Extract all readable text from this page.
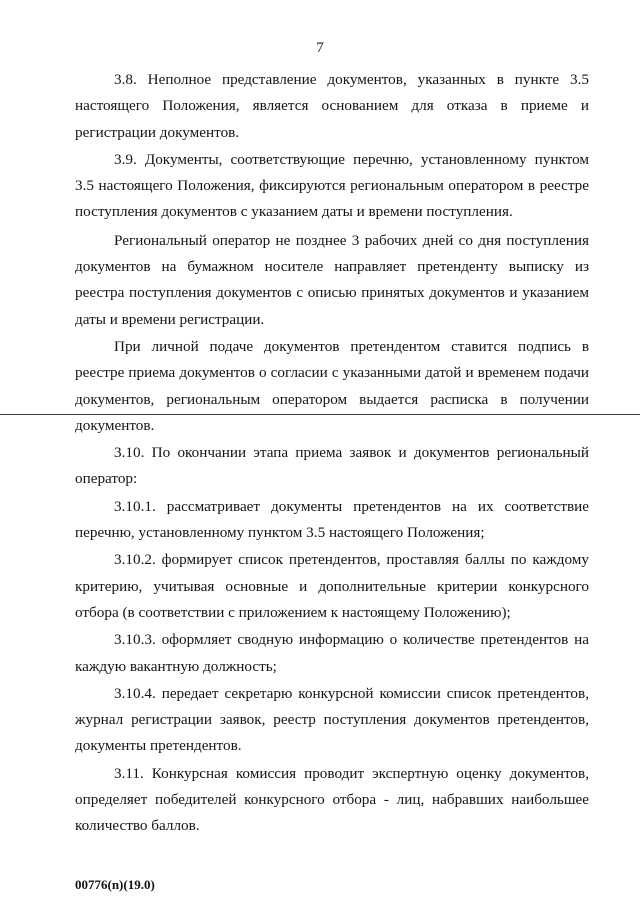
7

3.8. Неполное представление документов, указанных в пункте 3.5 настоящего Положения, является основанием для отказа в приеме и регистрации документов.

3.9. Документы, соответствующие перечню, установленному пунктом 3.5 настоящего Положения, фиксируются региональным оператором в реестре поступления документов с указанием даты и времени поступления.

Региональный оператор не позднее 3 рабочих дней со дня поступления документов на бумажном носителе направляет претенденту выписку из реестра поступления документов с описью принятых документов и указанием даты и времени регистрации.

При личной подаче документов претендентом ставится подпись в реестре приема документов о согласии с указанными датой и временем подачи документов, региональным оператором выдается расписка в получении документов.

3.10. По окончании этапа приема заявок и документов региональный оператор:

3.10.1. рассматривает документы претендентов на их соответствие перечню, установленному пунктом 3.5 настоящего Положения;

3.10.2. формирует список претендентов, проставляя баллы по каждому критерию, учитывая основные и дополнительные критерии конкурсного отбора (в соответствии с приложением к настоящему Положению);

3.10.3. оформляет сводную информацию о количестве претендентов на каждую вакантную должность;

3.10.4. передает секретарю конкурсной комиссии список претендентов, журнал регистрации заявок, реестр поступления документов претендентов, документы претендентов.

3.11. Конкурсная комиссия проводит экспертную оценку документов, определяет победителей конкурсного отбора - лиц, набравших наибольшее количество баллов.

00776(n)(19.0)
